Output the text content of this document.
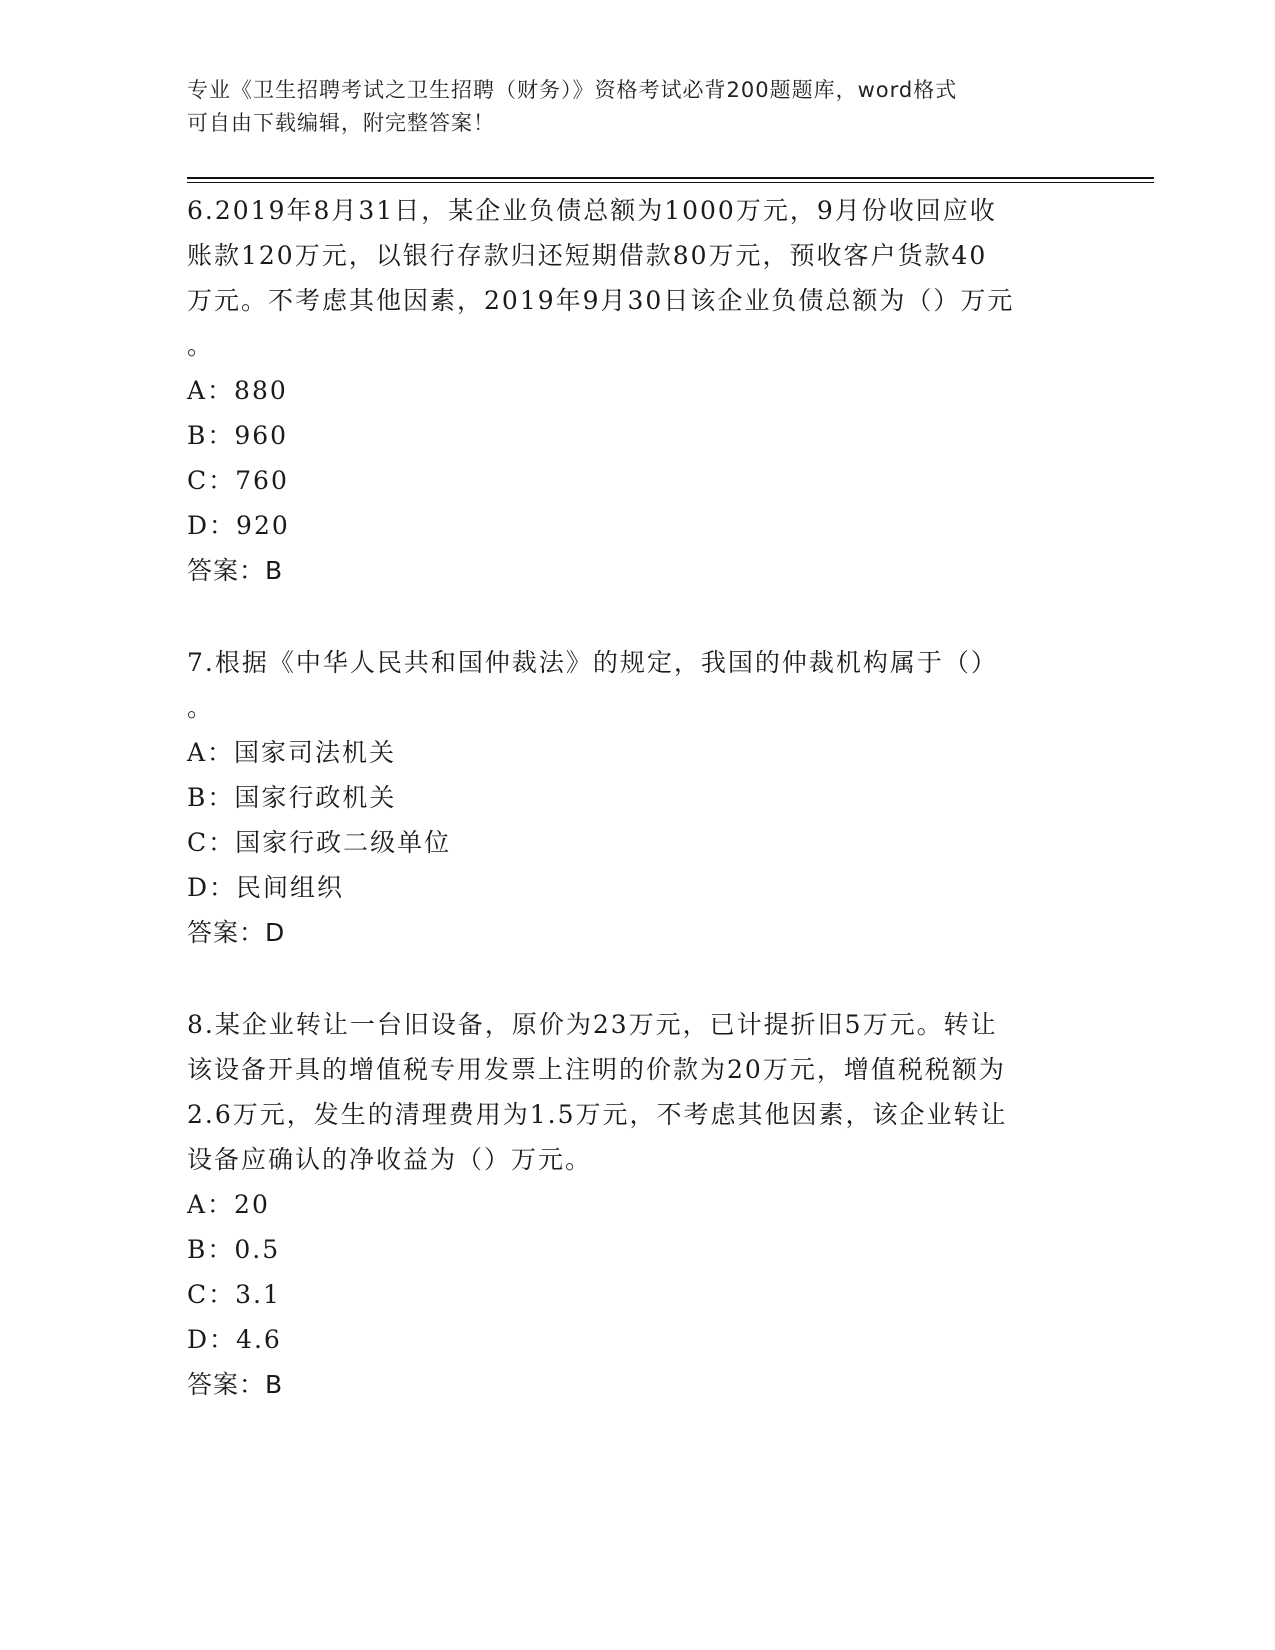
专业《卫生招聘考试之卫生招聘（财务）》资格考试必背200题题库，word格式
可自由下载编辑，附完整答案！
6.2019年8月31日，某企业负债总额为1000万元，9月份收回应收
账款120万元，以银行存款归还短期借款80万元，预收客户货款40
万元。不考虑其他因素，2019年9月30日该企业负债总额为（）万元
。
A：880
B：960
C：760
D：920
答案：B
7.根据《中华人民共和国仲裁法》的规定，我国的仲裁机构属于（）
。
A：国家司法机关
B：国家行政机关
C：国家行政二级单位
D：民间组织
答案：D
8.某企业转让一台旧设备，原价为23万元，已计提折旧5万元。转让
该设备开具的增值税专用发票上注明的价款为20万元，增值税税额为
2.6万元，发生的清理费用为1.5万元，不考虑其他因素，该企业转让
设备应确认的净收益为（）万元。
A：20
B：0.5
C：3.1
D：4.6
答案：B
